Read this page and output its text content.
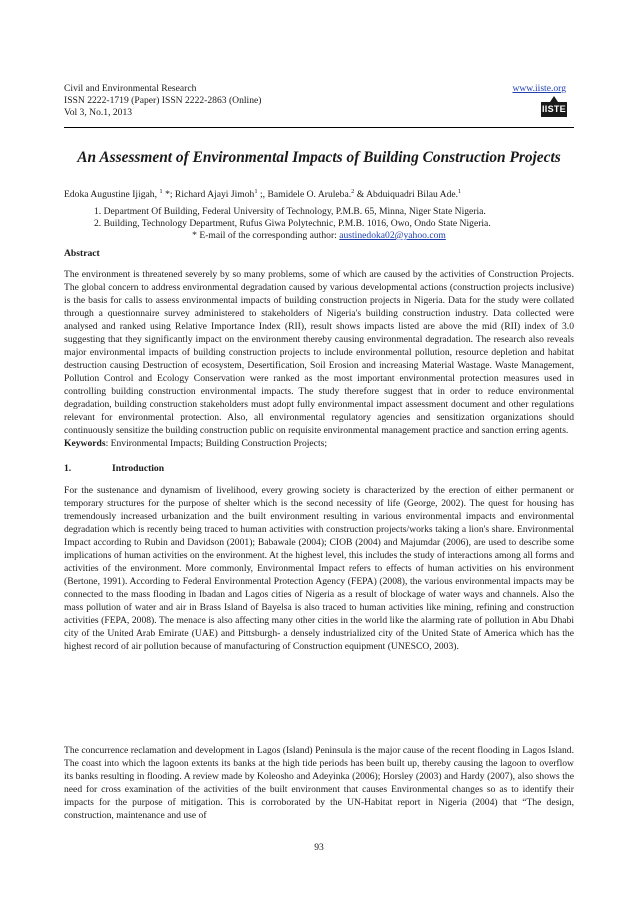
Civil and Environmental Research
ISSN 2222-1719 (Paper) ISSN 2222-2863 (Online)
Vol 3, No.1, 2013
www.iiste.org
IISTE
An Assessment of Environmental Impacts of Building Construction Projects
Edoka Augustine Ijigah, $^1$ *; Richard Ajayi Jimoh$^1$ ;, Bamidele O. Aruleba.$^2$ & Abduiquadri Bilau Ade.$^1$
1. Department Of Building, Federal University of Technology, P.M.B. 65, Minna, Niger State Nigeria.
2. Building, Technology Department, Rufus Giwa Polytechnic, P.M.B. 1016, Owo, Ondo State Nigeria.
* E-mail of the corresponding author: austinedoka02@yahoo.com
Abstract

The environment is threatened severely by so many problems, some of which are caused by the activities of Construction Projects. The global concern to address environmental degradation caused by various developmental actions (construction projects inclusive) is the basis for calls to assess environmental impacts of building construction projects in Nigeria. Data for the study were collated through a questionnaire survey administered to stakeholders of Nigeria's building construction industry. Data collected were analysed and ranked using Relative Importance Index (RII), result shows impacts listed are above the mid (RII) index of 3.0 suggesting that they significantly impact on the environment thereby causing environmental degradation. The research also reveals major environmental impacts of building construction projects to include environmental pollution, resource depletion and habitat destruction causing Destruction of ecosystem, Desertification, Soil Erosion and increasing Material Wastage. Waste Management, Pollution Control and Ecology Conservation were ranked as the most important environmental protection measures used in controlling building construction environmental impacts. The study therefore suggest that in order to reduce environmental degradation, building construction stakeholders must adopt fully environmental impact assessment document and other regulations relevant for environmental protection. Also, all environmental regulatory agencies and sensitization organizations should continuously sensitize the building construction public on requisite environmental management practice and sanction erring agents.

Keywords: Environmental Impacts; Building Construction Projects;
1.	Introduction

For the sustenance and dynamism of livelihood, every growing society is characterized by the erection of either permanent or temporary structures for the purpose of shelter which is the second necessity of life (George, 2002). The quest for housing has tremendously increased urbanization and the built environment resulting in various environmental impacts and environmental degradation which is recently being traced to human activities with construction projects/works taking a lion's share. Environmental Impact according to Rubin and Davidson (2001); Babawale (2004); CIOB (2004) and Majumdar (2006), are used to describe some implications of human activities on the environment. At the highest level, this includes the study of interactions among all forms and activities of the environment. More commonly, Environmental Impact refers to effects of human activities on his environment (Bertone, 1991). According to Federal Environmental Protection Agency (FEPA) (2008), the various environmental impacts may be connected to the mass flooding in Ibadan and Lagos cities of Nigeria as a result of blockage of water ways and channels. Also the mass pollution of water and air in Brass Island of Bayelsa is also traced to human activities like mining, refining and construction activities (FEPA, 2008). The menace is also affecting many other cities in the world like the alarming rate of pollution in Abu Dhabi city of the United Arab Emirate (UAE) and Pittsburgh- a densely industrialized city of the United State of America which has the highest record of air pollution because of manufacturing of Construction equipment (UNESCO, 2003).

The concurrence reclamation and development in Lagos (Island) Peninsula is the major cause of the recent flooding in Lagos Island. The coast into which the lagoon extents its banks at the high tide periods has been built up, thereby causing the lagoon to overflow its banks resulting in flooding. A review made by Koleosho and Adeyinka (2006); Horsley (2003) and Hardy (2007), also shows the need for cross examination of the activities of the built environment that causes Environmental changes so as to identify their impacts for the purpose of mitigation. This is corroborated by the UN-Habitat report in Nigeria (2004) that “The design, construction, maintenance and use of

93
